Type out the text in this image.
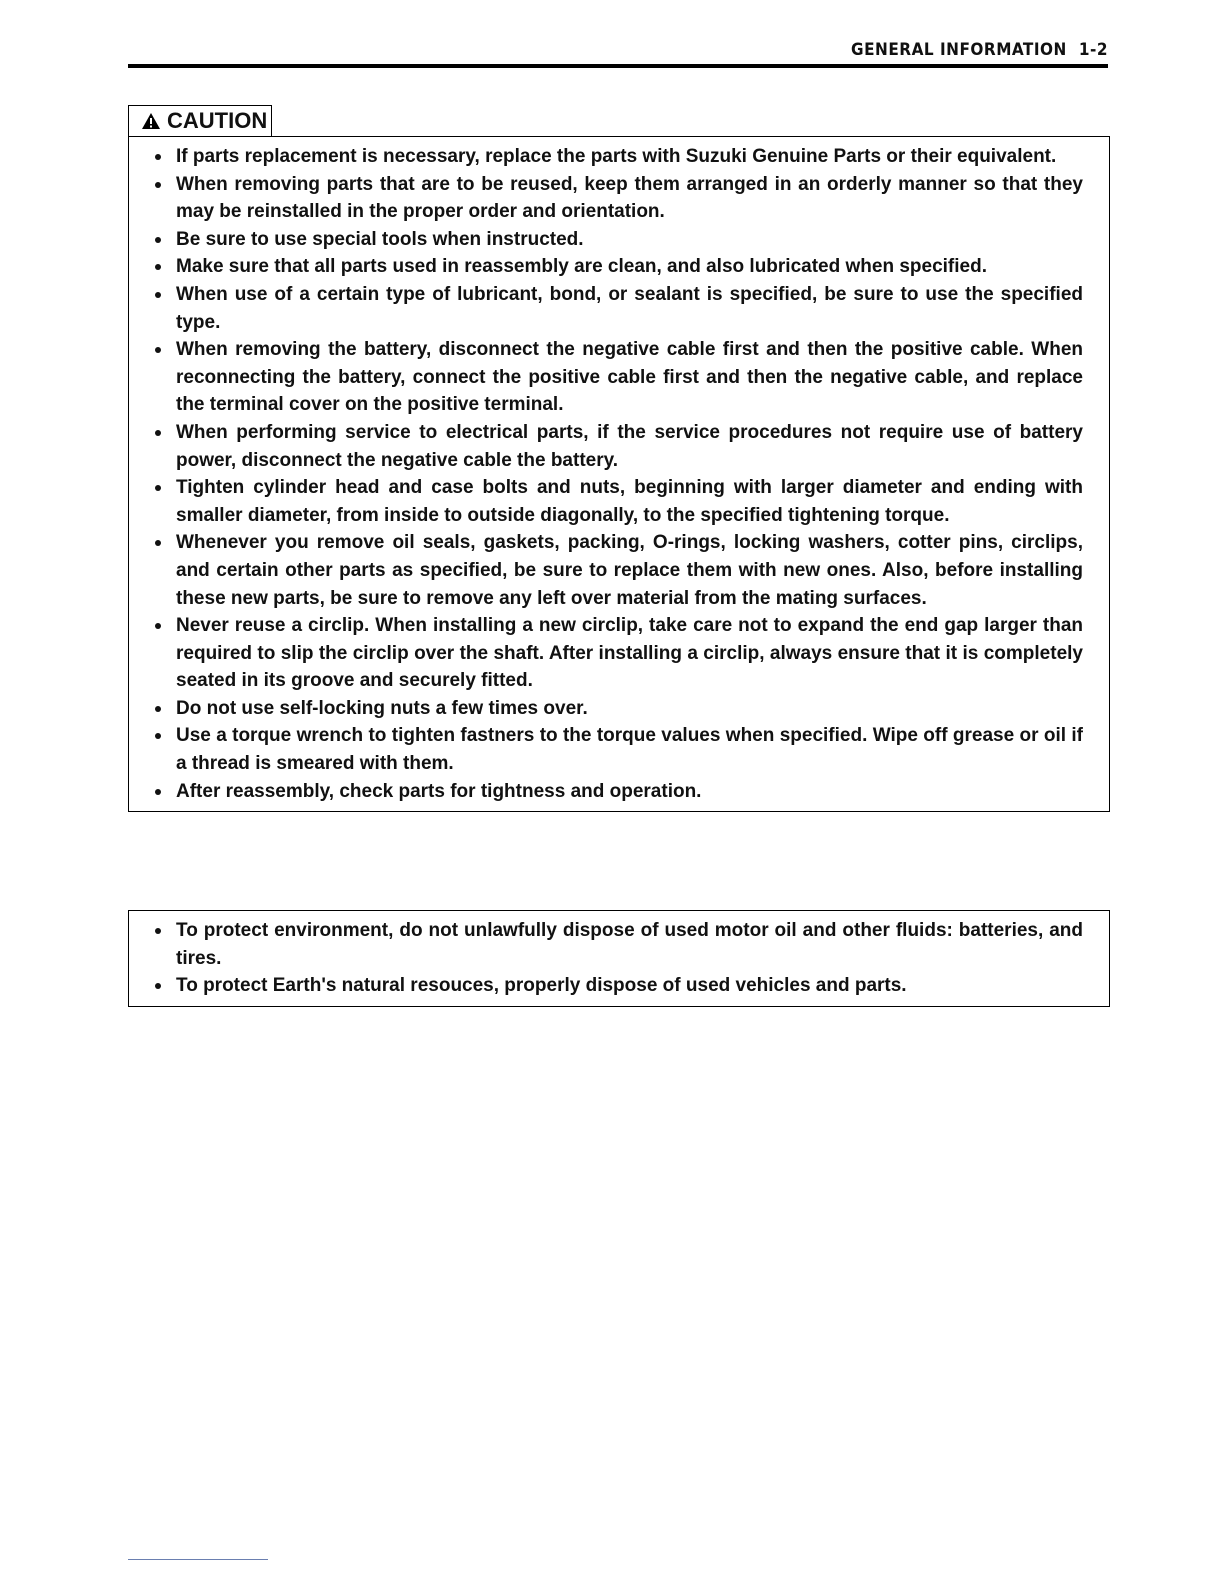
GENERAL INFORMATION 1-2
CAUTION
If parts replacement is necessary, replace the parts with Suzuki Genuine Parts or their equivalent.
When removing parts that are to be reused, keep them arranged in an orderly manner so that they may be reinstalled in the proper order and orientation.
Be sure to use special tools when instructed.
Make sure that all parts used in reassembly are clean, and also lubricated when specified.
When use of a certain type of lubricant, bond, or sealant is specified, be sure to use the specified type.
When removing the battery, disconnect the negative cable first and then the positive cable. When reconnecting the battery, connect the positive cable first and then the negative cable, and replace the terminal cover on the positive terminal.
When performing service to electrical parts, if the service procedures not require use of battery power, disconnect the negative cable the battery.
Tighten cylinder head and case bolts and nuts, beginning with larger diameter and ending with smaller diameter, from inside to outside diagonally, to the specified tightening torque.
Whenever you remove oil seals, gaskets, packing, O-rings, locking washers, cotter pins, circlips, and certain other parts as specified, be sure to replace them with new ones. Also, before installing these new parts, be sure to remove any left over material from the mating surfaces.
Never reuse a circlip. When installing a new circlip, take care not to expand the end gap larger than required to slip the circlip over the shaft. After installing a circlip, always ensure that it is completely seated in its groove and securely fitted.
Do not use self-locking nuts a few times over.
Use a torque wrench to tighten fastners to the torque values when specified. Wipe off grease or oil if a thread is smeared with them.
After reassembly, check parts for tightness and operation.
To protect environment, do not unlawfully dispose of used motor oil and other fluids: batteries, and tires.
To protect Earth's natural resouces, properly dispose of used vehicles and parts.
